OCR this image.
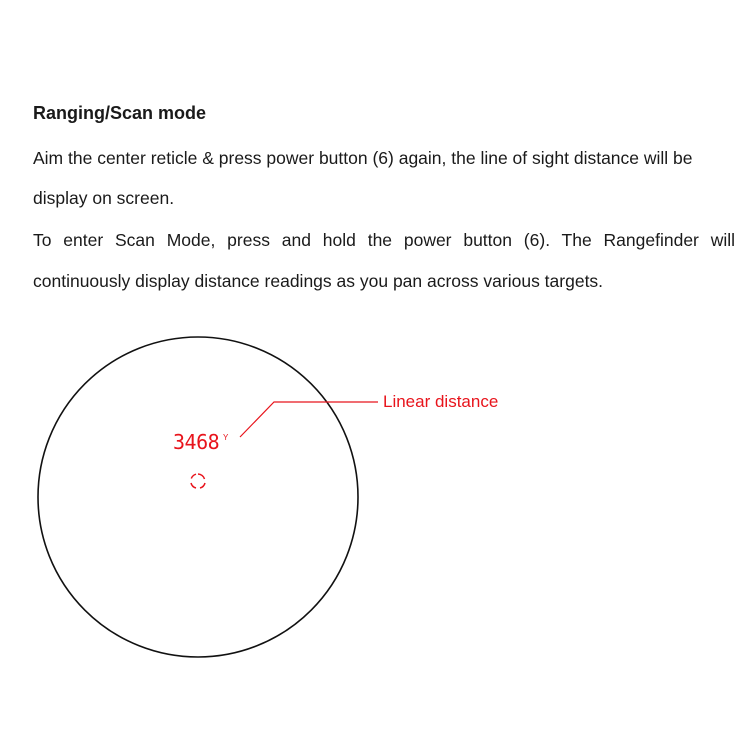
Ranging/Scan mode
Aim the center reticle & press power button (6) again, the line of sight distance will be
display on screen.
To enter Scan Mode, press and hold the power button (6). The Rangefinder will
continuously display distance readings as you pan across various targets.
3468 Y
Linear distance
